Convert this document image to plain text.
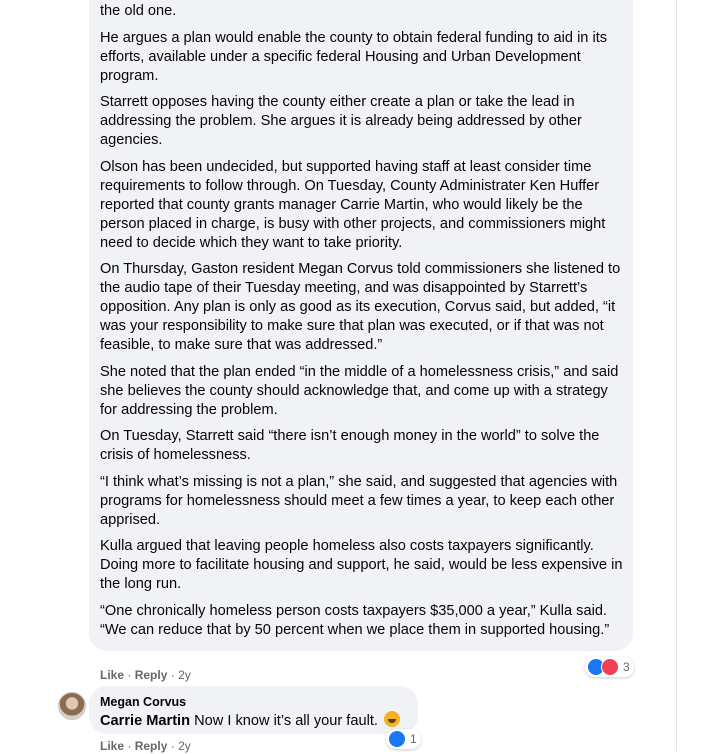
the old one.

He argues a plan would enable the county to obtain federal funding to aid in its efforts, available under a specific federal Housing and Urban Development program.

Starrett opposes having the county either create a plan or take the lead in addressing the problem. She argues it is already being addressed by other agencies.

Olson has been undecided, but supported having staff at least consider time requirements to follow through. On Tuesday, County Administrater Ken Huffer reported that county grants manager Carrie Martin, who would likely be the person placed in charge, is busy with other projects, and commissioners might need to decide which they want to take priority.

On Thursday, Gaston resident Megan Corvus told commissioners she listened to the audio tape of their Tuesday meeting, and was disappointed by Starrett’s opposition. Any plan is only as good as its execution, Corvus said, but added, “it was your responsibility to make sure that plan was executed, or if that was not feasible, to make sure that was addressed.”

She noted that the plan ended “in the middle of a homelessness crisis,” and said she believes the county should acknowledge that, and come up with a strategy for addressing the problem.

On Tuesday, Starrett said “there isn’t enough money in the world” to solve the crisis of homelessness.

“I think what’s missing is not a plan,” she said, and suggested that agencies with programs for homelessness should meet a few times a year, to keep each other apprised.

Kulla argued that leaving people homeless also costs taxpayers significantly. Doing more to facilitate housing and support, he said, would be less expensive in the long run.

“One chronically homeless person costs taxpayers $35,000 a year,” Kulla said. “We can reduce that by 50 percent when we place them in supported housing.”

3
Like · Reply · 2y
Megan Corvus
Carrie Martin Now I know it’s all your fault.
1
Like · Reply · 2y
